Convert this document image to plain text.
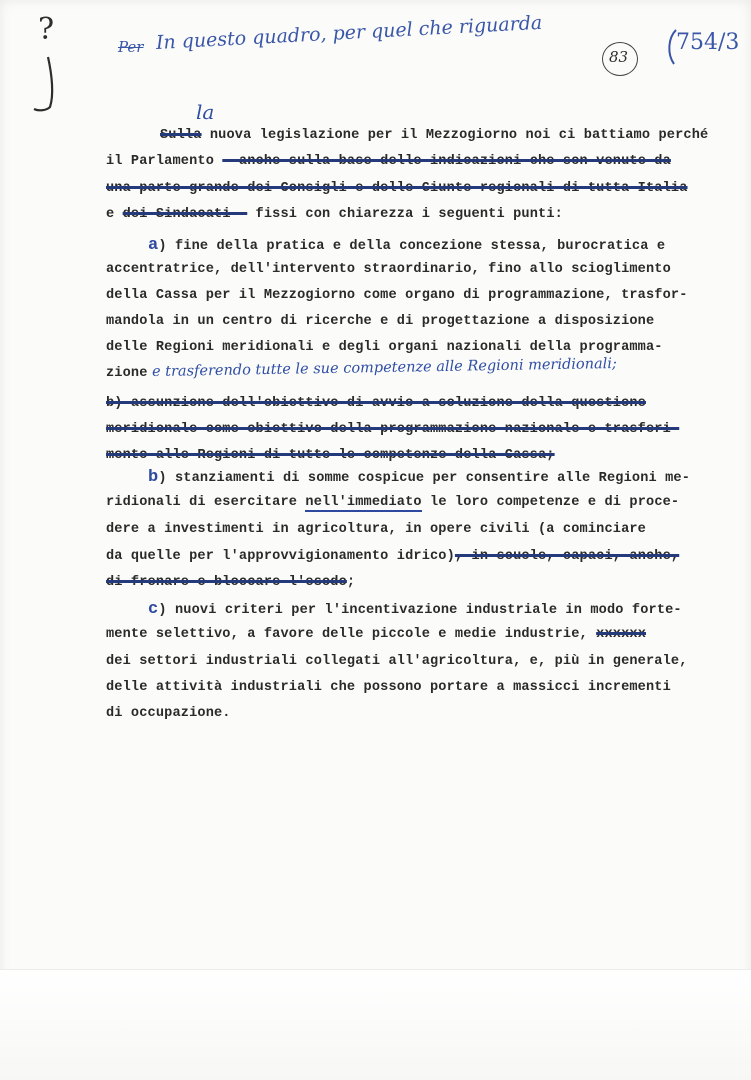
?	Per In questo quadro, per quel che riguarda
83
754/3
la
Sulla nuova legislazione per il Mezzogiorno noi ci battiamo perché
il Parlamento - anche sulla base delle indicazioni che son venute da
una parte grande dei Consigli e delle Giunte regionali di tutta Italia
e dei Sindacati - fissi con chiarezza i seguenti punti:
a) fine della pratica e della concezione stessa, burocratica e
accentratrice, dell'intervento straordinario, fino allo scioglimento
della Cassa per il Mezzogiorno come organo di programmazione, trasfor-
mandola in un centro di ricerche e di progettazione a disposizione
delle Regioni meridionali e degli organi nazionali della programma-
zione e trasferendo tutte le sue competenze alle Regioni meridionali;
b) assunzione dell'obiettivo di avvio a soluzione della questione
meridionale come obiettivo della programmazione nazionale e trasferi-
mento alle Regioni di tutte le competenze della Cassa;
b) stanziamenti di somme cospicue per consentire alle Regioni me-
ridionali di esercitare nell'immediato le loro competenze e di proce-
dere a investimenti in agricoltura, in opere civili (a cominciare
da quelle per l'approvvigionamento idrico), in scuole, capaci, anche,
di frenare e bloccare l'esodo;
c) nuovi criteri per l'incentivazione industriale in modo forte-
mente selettivo, a favore delle piccole e medie industrie, xxxxxx
dei settori industriali collegati all'agricoltura, e, più in generale,
delle attività industriali che possono portare a massicci incrementi
di occupazione.
